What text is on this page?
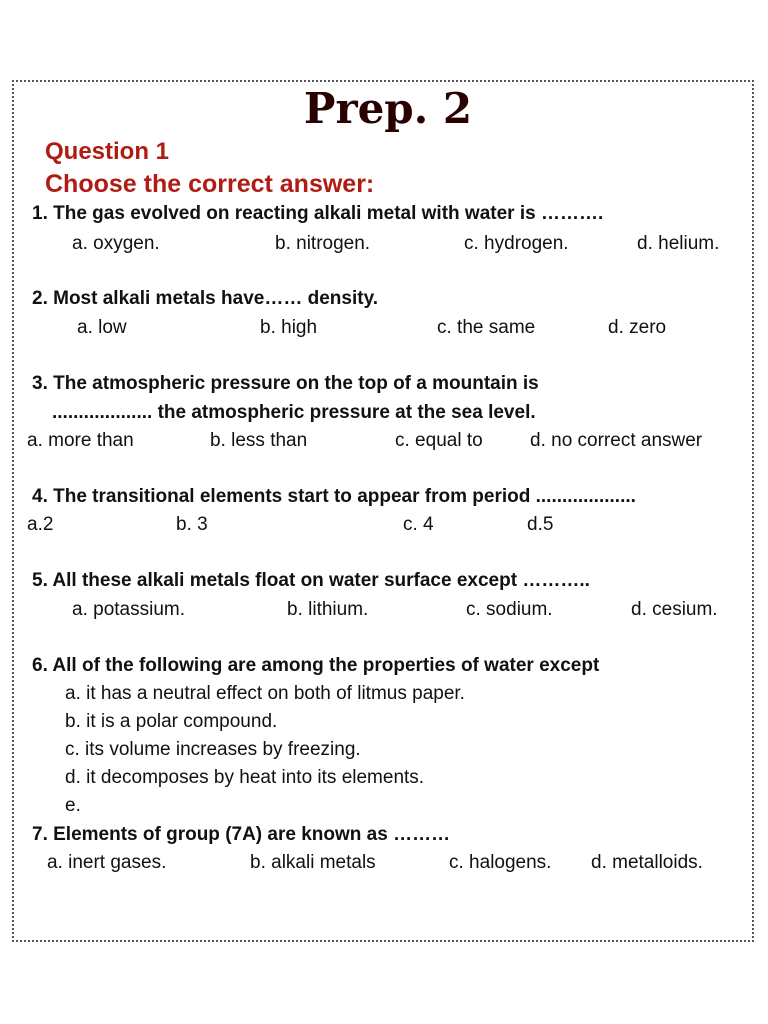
Prep. 2
Question 1
Choose the correct answer:
1. The gas evolved on reacting alkali metal with water is ……….
a. oxygen.	b. nitrogen.	c. hydrogen.	d. helium.
2. Most alkali metals have…… density.
a. low	b. high	c. the same	d. zero
3. The atmospheric pressure on the top of a mountain is
................... the atmospheric pressure at the sea level.
a. more than	b. less than	c. equal to d. no correct answer
4. The transitional elements start to appear from period ...................
a.2	b. 3	c. 4	d.5
5. All these alkali metals float on water surface except ………..
a. potassium.	b. lithium.	c. sodium.	d. cesium.
6. All of the following are among the properties of water except
a. it has a neutral effect on both of litmus paper.
b. it is a polar compound.
c. its volume increases by freezing.
d. it decomposes by heat into its elements.
e.
7. Elements of group (7A) are known as ………
a. inert gases.	b. alkali metals	c. halogens. d. metalloids.
